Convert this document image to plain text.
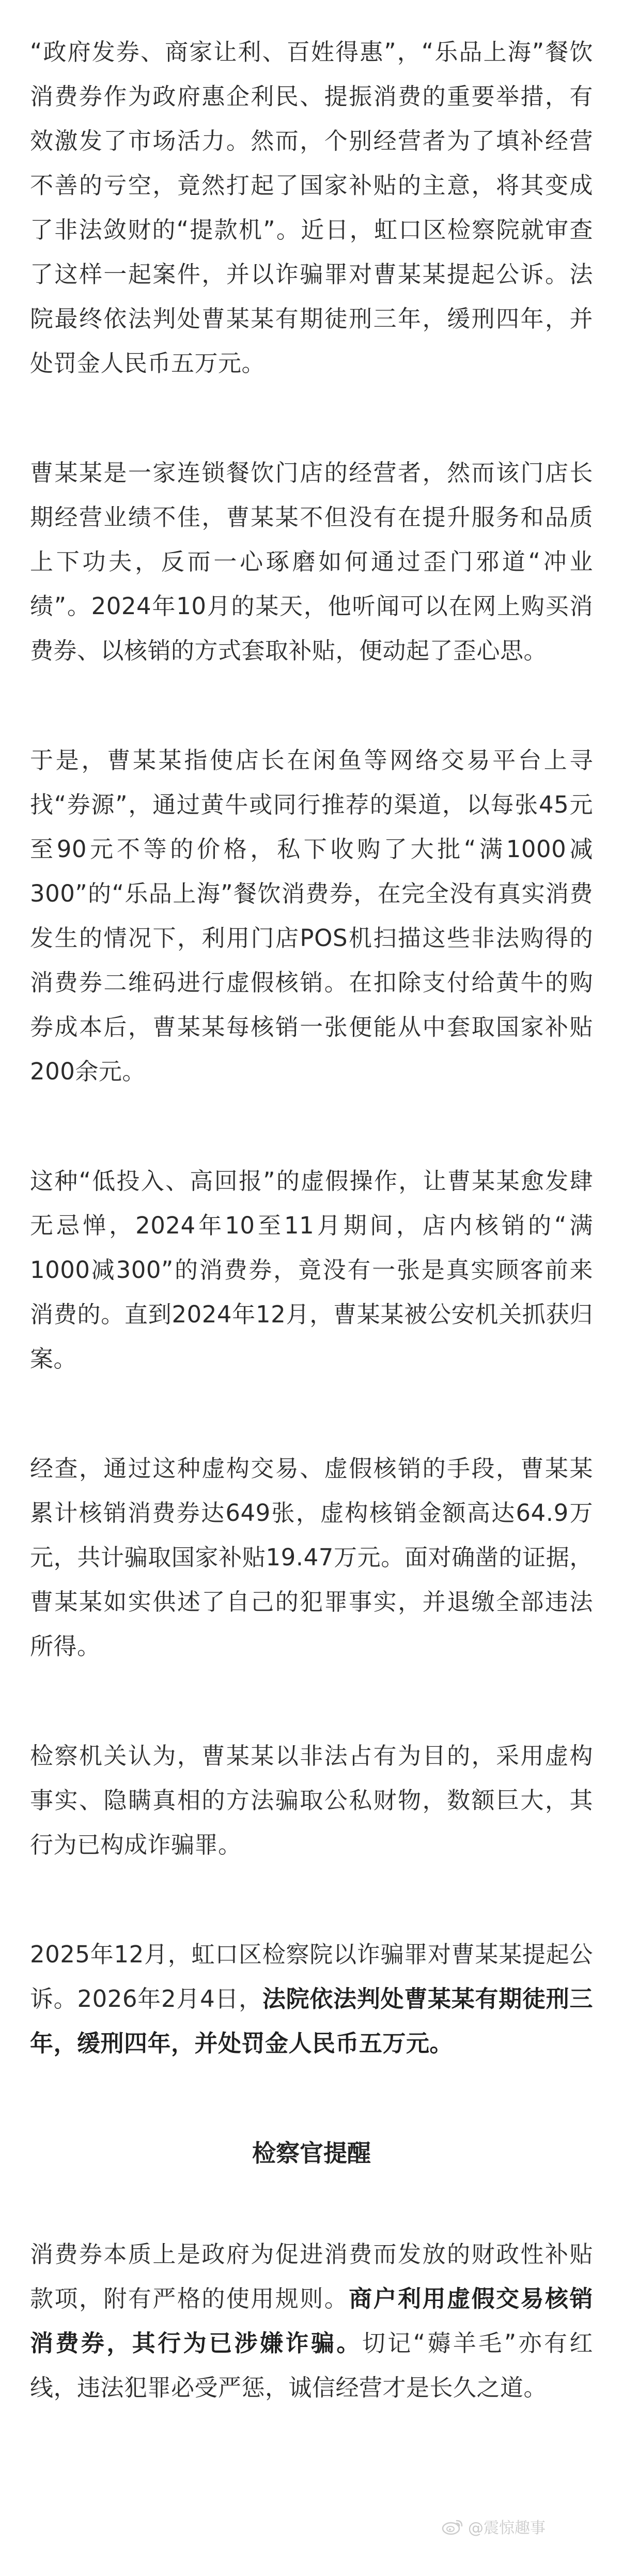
“政府发券、商家让利、百姓得惠”，“乐品上海”餐饮消费券作为政府惠企利民、提振消费的重要举措，有效激发了市场活力。然而，个别经营者为了填补经营不善的亏空，竟然打起了国家补贴的主意，将其变成了非法敛财的“提款机”。近日，虹口区检察院就审查了这样一起案件，并以诈骗罪对曹某某提起公诉。法院最终依法判处曹某某有期徒刑三年，缓刑四年，并处罚金人民币五万元。

曹某某是一家连锁餐饮门店的经营者，然而该门店长期经营业绩不佳，曹某某不但没有在提升服务和品质上下功夫，反而一心琢磨如何通过歪门邪道“冲业绩”。2024年10月的某天，他听闻可以在网上购买消费券、以核销的方式套取补贴，便动起了歪心思。

于是，曹某某指使店长在闲鱼等网络交易平台上寻找“券源”，通过黄牛或同行推荐的渠道，以每张45元至90元不等的价格，私下收购了大批“满1000减300”的“乐品上海”餐饮消费券，在完全没有真实消费发生的情况下，利用门店POS机扫描这些非法购得的消费券二维码进行虚假核销。在扣除支付给黄牛的购券成本后，曹某某每核销一张便能从中套取国家补贴200余元。

这种“低投入、高回报”的虚假操作，让曹某某愈发肆无忌惮，2024年10至11月期间，店内核销的“满1000减300”的消费券，竟没有一张是真实顾客前来消费的。直到2024年12月，曹某某被公安机关抓获归案。

经查，通过这种虚构交易、虚假核销的手段，曹某某累计核销消费券达649张，虚构核销金额高达64.9万元，共计骗取国家补贴19.47万元。面对确凿的证据，曹某某如实供述了自己的犯罪事实，并退缴全部违法所得。

检察机关认为，曹某某以非法占有为目的，采用虚构事实、隐瞒真相的方法骗取公私财物，数额巨大，其行为已构成诈骗罪。

2025年12月，虹口区检察院以诈骗罪对曹某某提起公诉。2026年2月4日，法院依法判处曹某某有期徒刑三年，缓刑四年，并处罚金人民币五万元。

检察官提醒

消费券本质上是政府为促进消费而发放的财政性补贴款项，附有严格的使用规则。商户利用虚假交易核销消费券，其行为已涉嫌诈骗。切记“薅羊毛”亦有红线，违法犯罪必受严惩，诚信经营才是长久之道。

@震惊趣事
